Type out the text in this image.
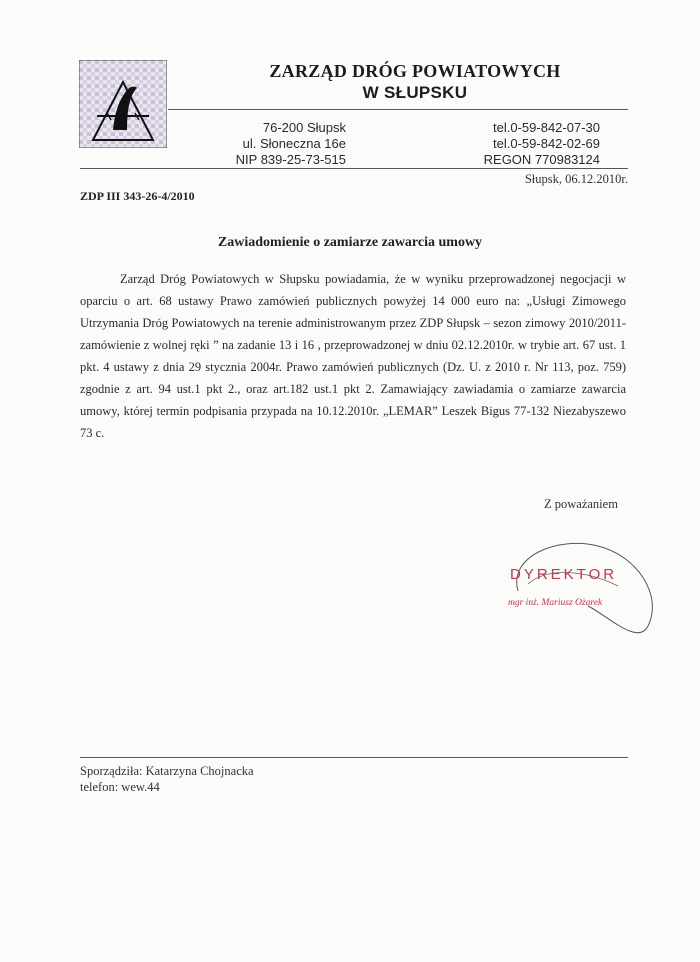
ZARZĄD DRÓG POWIATOWYCH
W SŁUPSKU
76-200 Słupsk
ul. Słoneczna 16e
NIP 839-25-73-515
tel.0-59-842-07-30
tel.0-59-842-02-69
REGON 770983124
Słupsk, 06.12.2010r.
ZDP III 343-26-4/2010
Zawiadomienie o zamiarze zawarcia umowy

Zarząd Dróg Powiatowych w Słupsku powiadamia, że w wyniku przeprowadzonej negocjacji w oparciu o art. 68 ustawy Prawo zamówień publicznych powyżej 14 000 euro na: „Usługi Zimowego Utrzymania Dróg Powiatowych na terenie administrowanym przez ZDP Słupsk – sezon zimowy 2010/2011- zamówienie z wolnej ręki ” na zadanie 13 i 16 , przeprowadzonej w dniu 02.12.2010r. w trybie art. 67 ust. 1 pkt. 4 ustawy z dnia 29 stycznia 2004r. Prawo zamówień publicznych (Dz. U. z 2010 r. Nr 113, poz. 759) zgodnie z art. 94 ust.1 pkt 2., oraz art.182 ust.1 pkt 2. Zamawiający zawiadamia o zamiarze zawarcia umowy, której termin podpisania przypada na 10.12.2010r. „LEMAR” Leszek Bigus 77-132 Niezabyszewo 73 c.

Z poważaniem
DYREKTOR
mgr inż. Mariusz Ożarek
Sporządziła: Katarzyna Chojnacka
telefon: wew.44
